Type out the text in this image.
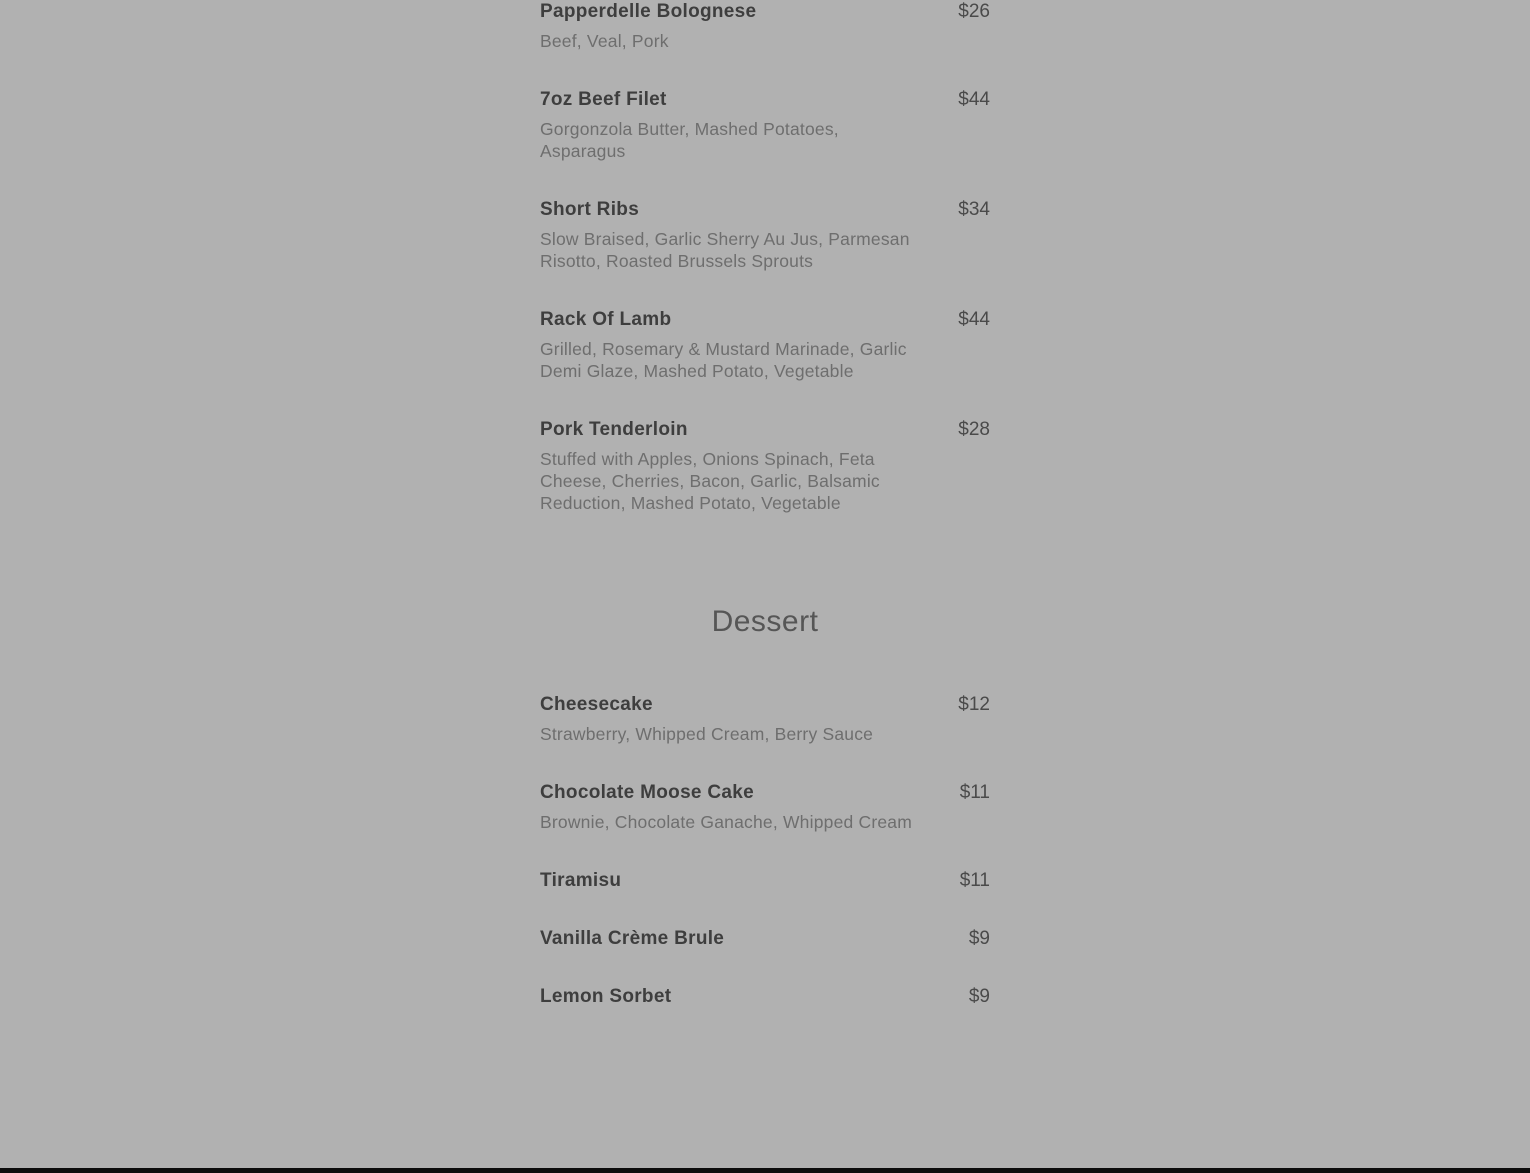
Papperdelle Bolognese	$26

Beef, Veal, Pork

7oz Beef Filet	$44

Gorgonzola Butter, Mashed Potatoes, Asparagus

Short Ribs	$34

Slow Braised, Garlic Sherry Au Jus, Parmesan Risotto, Roasted Brussels Sprouts

Rack Of Lamb	$44

Grilled, Rosemary & Mustard Marinade, Garlic Demi Glaze, Mashed Potato, Vegetable

Pork Tenderloin	$28

Stuffed with Apples, Onions Spinach, Feta Cheese, Cherries, Bacon, Garlic, Balsamic Reduction, Mashed Potato, Vegetable

Dessert
Cheesecake	$12

Strawberry, Whipped Cream, Berry Sauce

Chocolate Moose Cake	$11

Brownie, Chocolate Ganache, Whipped Cream

Tiramisu	$11
Vanilla Crème Brule	$9
Lemon Sorbet	$9
